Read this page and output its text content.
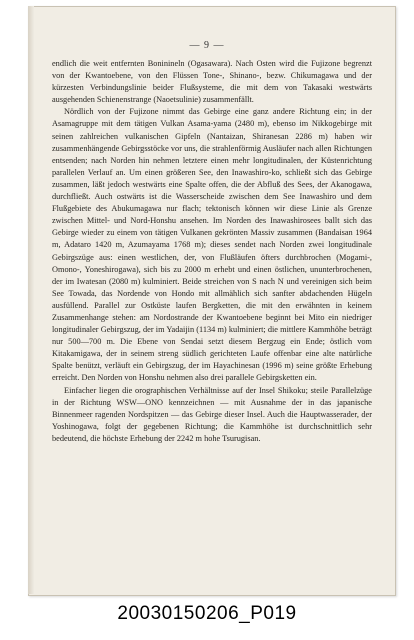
— 9 —

endlich die weit entfernten Boninineln (Ogasawara). Nach Osten wird die Fujizone begrenzt von der Kwantoebene, von den Flüssen Tone-, Shinano-, bezw. Chikumagawa und der kürzesten Verbindungslinie beider Flußsysteme, die mit dem von Takasaki westwärts ausgehenden Schienenstrange (Naoetsulinie) zusammenfällt.

Nördlich von der Fujizone nimmt das Gebirge eine ganz andere Richtung ein; in der Asamagruppe mit dem tätigen Vulkan Asama-yama (2480 m), ebenso im Nikkogebirge mit seinen zahlreichen vulkanischen Gipfeln (Nantaizan, Shiranesan 2286 m) haben wir zusammenhängende Gebirgsstöcke vor uns, die strahlenförmig Ausläufer nach allen Richtungen entsenden; nach Norden hin nehmen letztere einen mehr longitudinalen, der Küstenrichtung parallelen Verlauf an. Um einen größeren See, den Inawashiro-ko, schließt sich das Gebirge zusammen, läßt jedoch westwärts eine Spalte offen, die der Abfluß des Sees, der Akanogawa, durchfließt. Auch ostwärts ist die Wasserscheide zwischen dem See Inawashiro und dem Flußgebiete des Abukumagawa nur flach; tektonisch können wir diese Linie als Grenze zwischen Mittel- und Nord-Honshu ansehen. Im Norden des Inawashirosees ballt sich das Gebirge wieder zu einem von tätigen Vulkanen gekrönten Massiv zusammen (Bandaisan 1964 m, Adataro 1420 m, Azumayama 1768 m); dieses sendet nach Norden zwei longitudinale Gebirgszüge aus: einen westlichen, der, von Flußläufen öfters durchbrochen (Mogami-, Omono-, Yoneshirogawa), sich bis zu 2000 m erhebt und einen östlichen, ununterbrochenen, der im Iwatesan (2080 m) kulminiert. Beide streichen von S nach N und vereinigen sich beim See Towada, das Nordende von Hondo mit allmählich sich sanfter abdachenden Hügeln ausfüllend. Parallel zur Ostküste laufen Bergketten, die mit den erwähnten in keinem Zusammenhange stehen: am Nordostrande der Kwantoebene beginnt bei Mito ein niedriger longitudinaler Gebirgszug, der im Yadaijin (1134 m) kulminiert; die mittlere Kammhöhe beträgt nur 500—700 m. Die Ebene von Sendai setzt diesem Bergzug ein Ende; östlich vom Kitakamigawa, der in seinem streng südlich gerichteten Laufe offenbar eine alte natürliche Spalte benützt, verläuft ein Gebirgszug, der im Hayachinesan (1996 m) seine größte Erhebung erreicht. Den Norden von Honshu nehmen also drei parallele Gebirgsketten ein.

Einfacher liegen die orographischen Verhältnisse auf der Insel Shikoku; steile Parallelzüge in der Richtung WSW—ONO kennzeichnen — mit Ausnahme der in das japanische Binnenmeer ragenden Nordspitzen — das Gebirge dieser Insel. Auch die Hauptwasserader, der Yoshinogawa, folgt der gegebenen Richtung; die Kammhöhe ist durchschnittlich sehr bedeutend, die höchste Erhebung der 2242 m hohe Tsurugisan.

20030150206_P019
